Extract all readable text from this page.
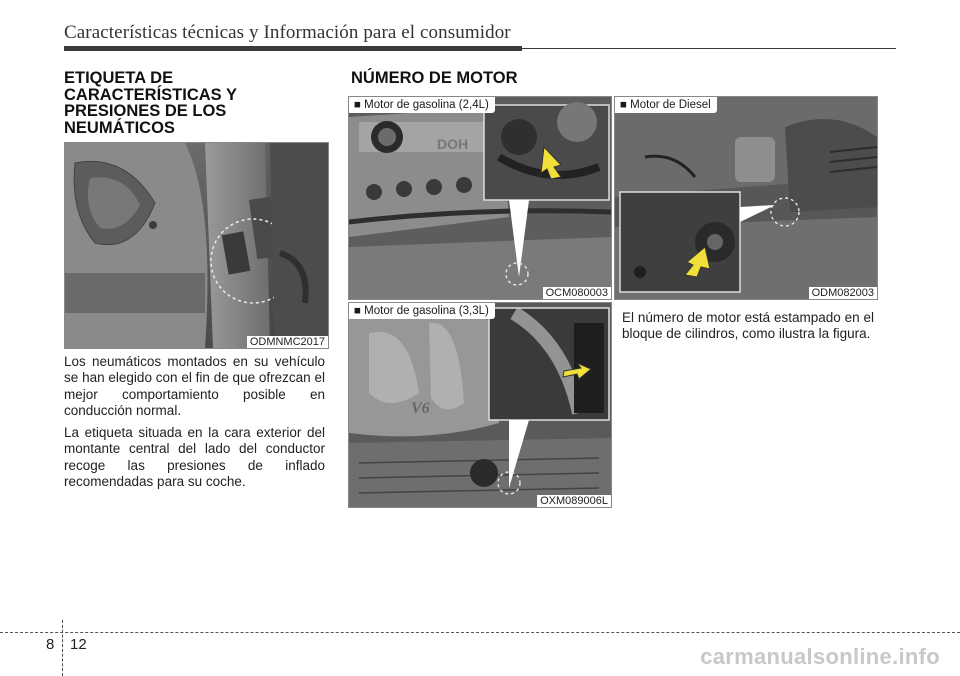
Características técnicas y Información para el consumidor
ETIQUETA DE
CARACTERÍSTICAS Y
PRESIONES DE LOS
NEUMÁTICOS
ODMNMC2017

Los neumáticos montados en su vehículo se han elegido con el fin de que ofrezcan el mejor comportamiento posible en conducción normal.

La etiqueta situada en la cara exterior del montante central del lado del conductor recoge las presiones de inflado recomendadas para su coche.

NÚMERO DE MOTOR
DOH
■ Motor de gasolina (2,4L)
OCM080003
■ Motor de Diesel
ODM082003
V6
■ Motor de gasolina (3,3L)
OXM089006L
El número de motor está estampado en el bloque de cilindros, como ilustra la figura.
8 12	carmanualsonline.info
